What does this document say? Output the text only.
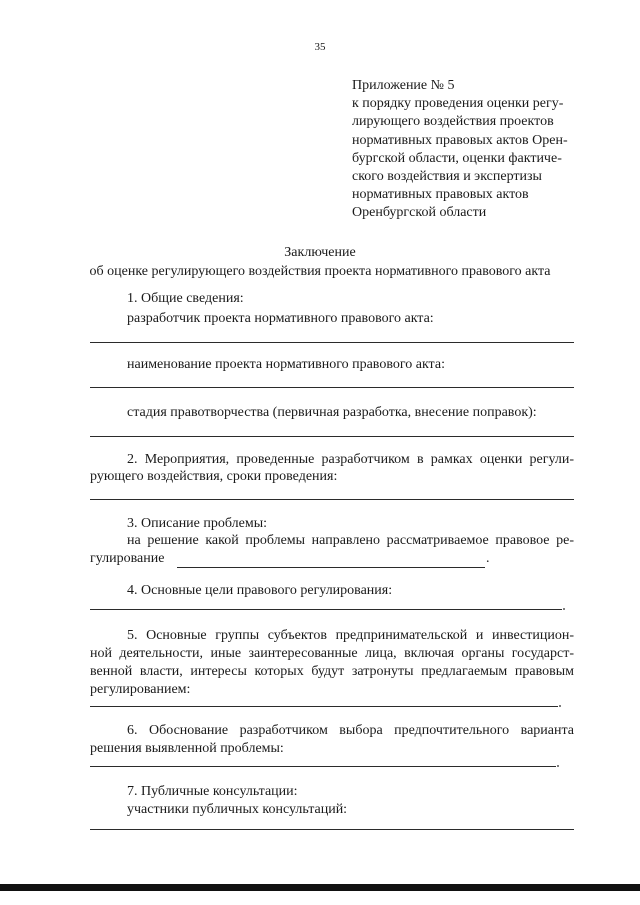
35
Приложение № 5
к порядку проведения оценки регу-
лирующего воздействия проектов
нормативных правовых актов Орен-
бургской области, оценки фактиче-
ского воздействия и экспертизы
нормативных правовых актов
Оренбургской области
Заключение
об оценке регулирующего воздействия проекта нормативного правового акта
1. Общие сведения:
разработчик проекта нормативного правового акта:
наименование проекта нормативного правового акта:
стадия правотворчества (первичная разработка, внесение поправок):
2. Мероприятия, проведенные разработчиком в рамках оценки регули-
рующего воздействия, сроки проведения:
3. Описание проблемы:
на решение какой проблемы направлено рассматриваемое правовое ре-
гулирование	.
4. Основные цели правового регулирования:
5. Основные группы субъектов предпринимательской и инвестицион-
ной деятельности, иные заинтересованные лица, включая органы государст-
венной власти, интересы которых будут затронуты предлагаемым правовым
регулированием:
6. Обоснование разработчиком выбора предпочтительного варианта
решения выявленной проблемы:
7. Публичные консультации:
участники публичных консультаций:
